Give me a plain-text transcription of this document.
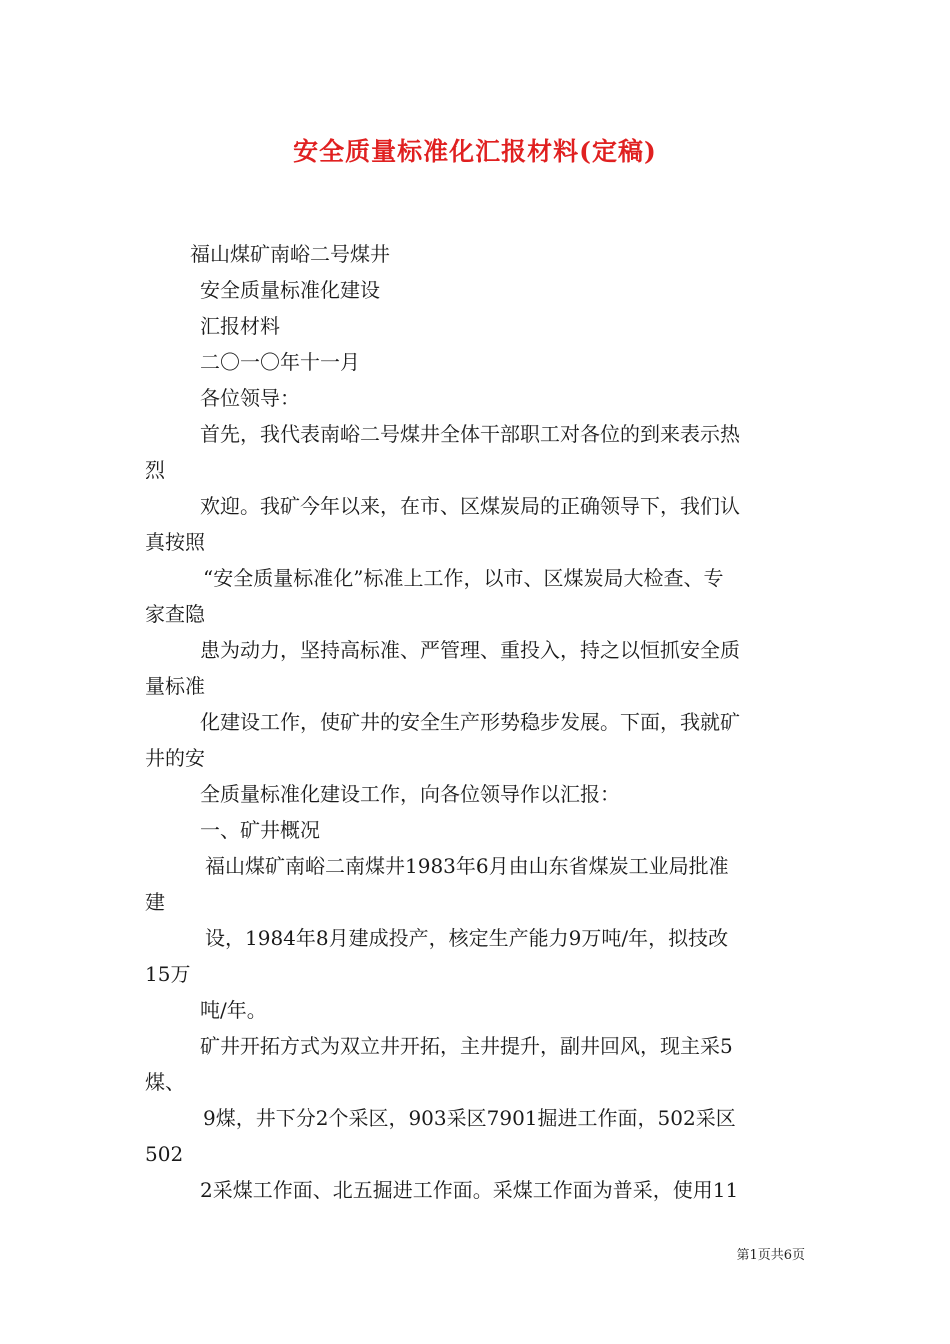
安全质量标准化汇报材料(定稿)
福山煤矿南峪二号煤井
安全质量标准化建设
汇报材料
二〇一〇年十一月
各位领导：
首先，我代表南峪二号煤井全体干部职工对各位的到来表示热
烈
欢迎。我矿今年以来，在市、区煤炭局的正确领导下，我们认
真按照
“安全质量标准化”标准上工作，以市、区煤炭局大检查、专
家查隐
患为动力，坚持高标准、严管理、重投入，持之以恒抓安全质
量标准
化建设工作，使矿井的安全生产形势稳步发展。下面，我就矿
井的安
全质量标准化建设工作，向各位领导作以汇报：
一、矿井概况
福山煤矿南峪二南煤井1983年6月由山东省煤炭工业局批准
建
设，1984年8月建成投产，核定生产能力9万吨/年，拟技改
15万
吨/年。
矿井开拓方式为双立井开拓，主井提升，副井回风，现主采5
煤、
9煤，井下分2个采区，903采区7901掘进工作面，502采区
502
2采煤工作面、北五掘进工作面。采煤工作面为普采，使用11
第1页共6页
